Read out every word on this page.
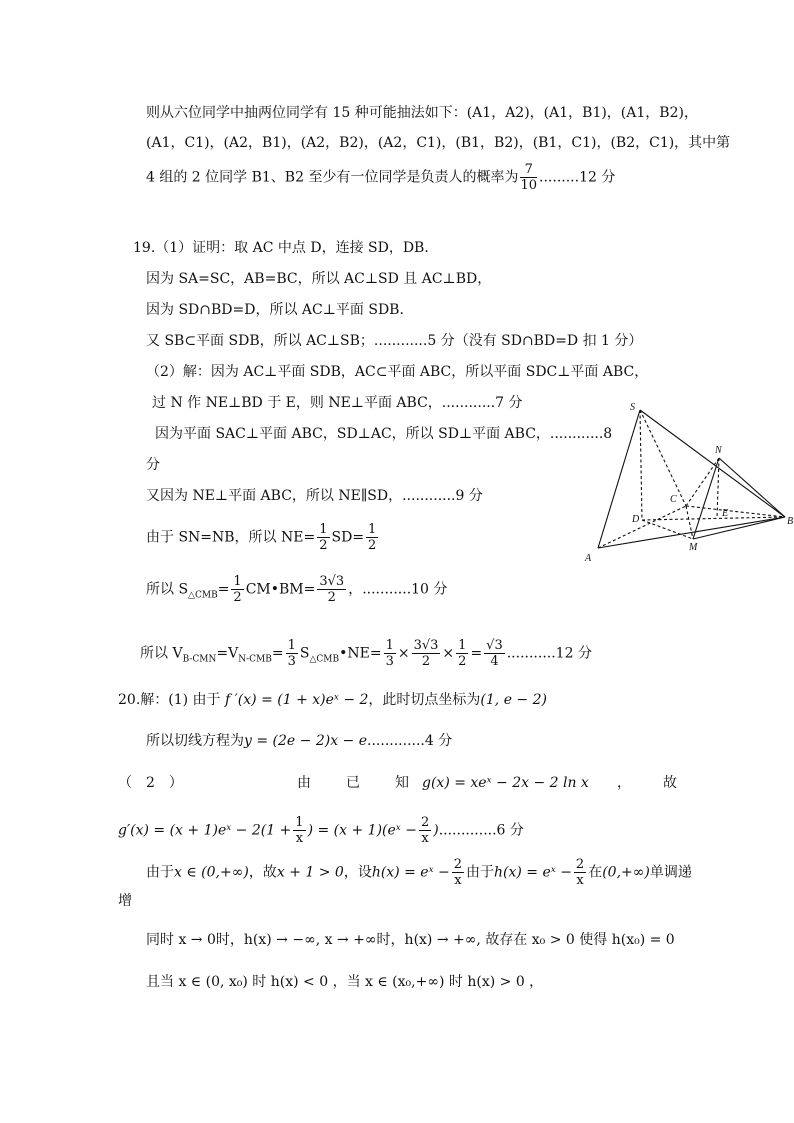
则从六位同学中抽两位同学有 15 种可能抽法如下：(A1，A2)，(A1，B1)，(A1，B2)，
(A1，C1)，(A2，B1)，(A2，B2)，(A2，C1)，(B1，B2)，(B1，C1)，(B2，C1)，其中第
4 组的 2 位同学 B1、B2 至少有一位同学是负责人的概率为 $\frac{7}{10} .........12$ 分
19.（1）证明：取 AC 中点 D，连接 SD，DB．
因为 SA=SC，AB=BC，所以 AC⊥SD 且 AC⊥BD，
因为 SD∩BD=D，所以 AC⊥平面 SDB．
又 SB⊂平面 SDB，所以 AC⊥SB；............5 分（没有 SD∩BD=D 扣 1 分）
（2）解：因为 AC⊥平面 SDB，AC⊂平面 ABC，所以平面 SDC⊥平面 ABC，
过 N 作 NE⊥BD 于 E，则 NE⊥平面 ABC，............7 分
因为平面 SAC⊥平面 ABC，SD⊥AC，所以 SD⊥平面 ABC，............8
分
又因为 NE⊥平面 ABC，所以 NE∥SD，............9 分
由于 SN=NB，所以 $NE= \frac{1}{2} SD= \frac{1}{2}$
所以 $S_{\triangle CMB}= \frac{1}{2}$ CM•BM= $\frac{3√3}{2}$ ，...........10 分
所以 $V_{B-CMN}=V_{N-CMB}= \frac{1}{3}$ $S_{\triangle CMB}•NE= \frac{1}{3} \times \frac{3√3}{2} \times \frac{1}{2} = \frac{√3}{4} ...........12$ 分
S
N
C
E
D	B
A
M
20.解：(1) 由于 f ′(x) = (1 + x)eˣ − 2，此时切点坐标为(1, e − 2)
所以切线方程为y = (2e − 2)x − e.............4 分
（　2　）	由	已	知 g(x) = xeˣ − 2x − 2 ln x ， 故
g′(x) = (x + 1)eˣ − $2(1 + \frac{1}{x}$ ) = (x + 1)(eˣ − $\frac{2}{x} ).............6$ 分
由于x ∈ (0,+∞)，故x + 1 > 0，设h(x) = eˣ − $\frac{2}{x}$ 由于h(x) = eˣ − $\frac{2}{x}$ 在(0,+∞)单调递
增
同时 x → 0时，h(x) → −∞, x → +∞时，h(x) → +∞, 故存在 x₀ > 0 使得 h(x₀) = 0
且当 x ∈ (0, x₀) 时 h(x) < 0 ，当 x ∈ (x₀,+∞) 时 h(x) > 0 ，
